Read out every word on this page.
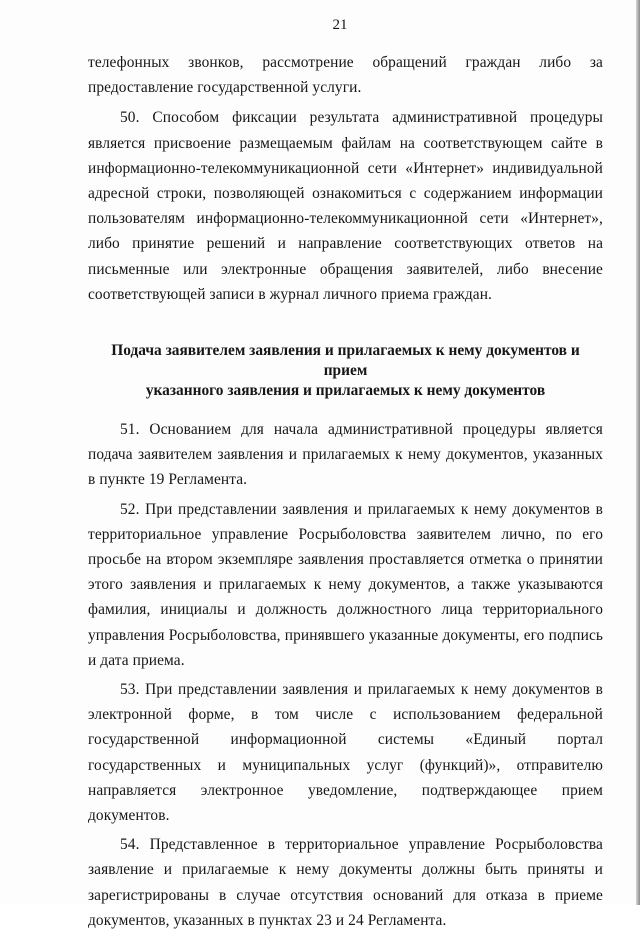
21

телефонных звонков, рассмотрение обращений граждан либо за предоставление государственной услуги.

50. Способом фиксации результата административной процедуры является присвоение размещаемым файлам на соответствующем сайте в информационно-телекоммуникационной сети «Интернет» индивидуальной адресной строки, позволяющей ознакомиться с содержанием информации пользователям информационно-телекоммуникационной сети «Интернет», либо принятие решений и направление соответствующих ответов на письменные или электронные обращения заявителей, либо внесение соответствующей записи в журнал личного приема граждан.

Подача заявителем заявления и прилагаемых к нему документов и прием
указанного заявления и прилагаемых к нему документов

51. Основанием для начала административной процедуры является подача заявителем заявления и прилагаемых к нему документов, указанных в пункте 19 Регламента.

52. При представлении заявления и прилагаемых к нему документов в территориальное управление Росрыболовства заявителем лично, по его просьбе на втором экземпляре заявления проставляется отметка о принятии этого заявления и прилагаемых к нему документов, а также указываются фамилия, инициалы и должность должностного лица территориального управления Росрыболовства, принявшего указанные документы, его подпись и дата приема.

53. При представлении заявления и прилагаемых к нему документов в электронной форме, в том числе с использованием федеральной государственной информационной системы «Единый портал государственных и муниципальных услуг (функций)», отправителю направляется электронное уведомление, подтверждающее прием документов.

54. Представленное в территориальное управление Росрыболовства заявление и прилагаемые к нему документы должны быть приняты и зарегистрированы в случае отсутствия оснований для отказа в приеме документов, указанных в пунктах 23 и 24 Регламента.
